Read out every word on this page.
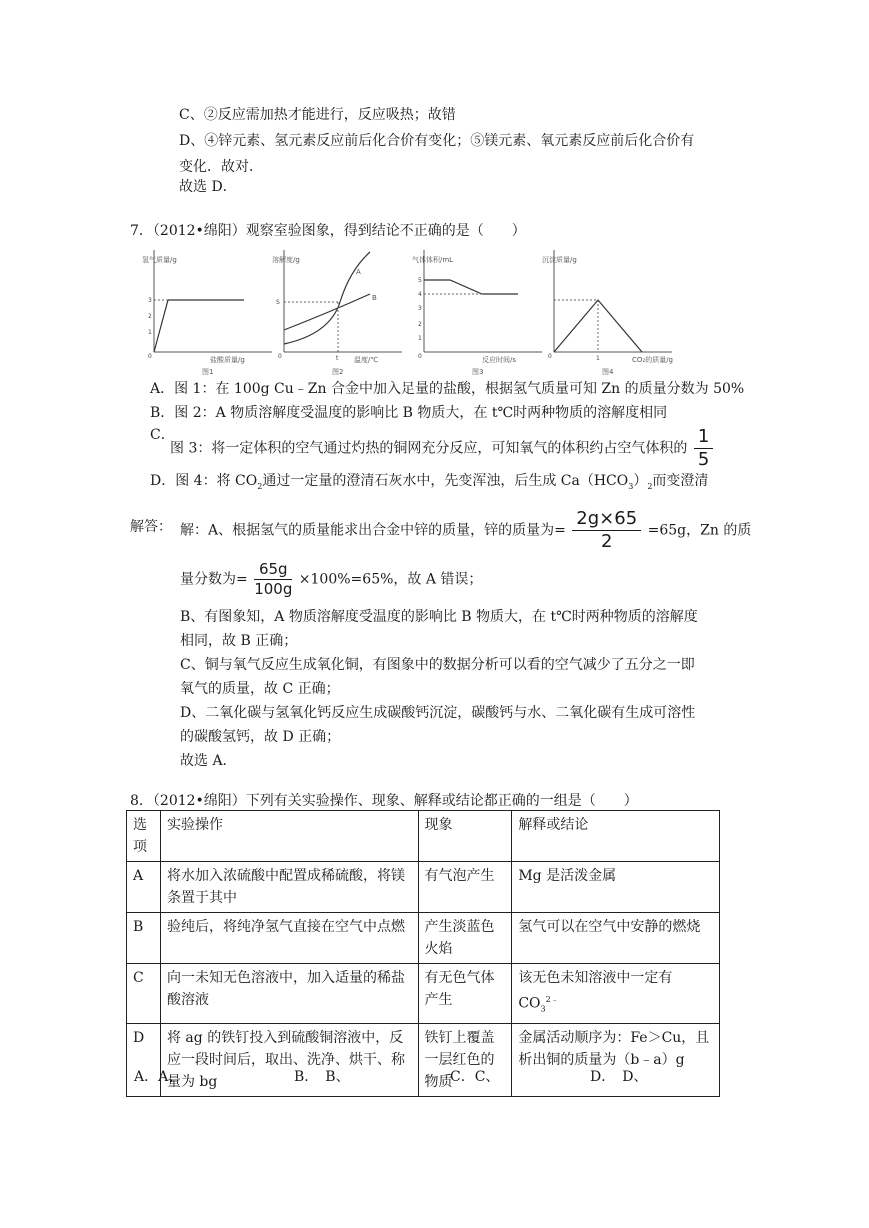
C、②反应需加热才能进行，反应吸热；故错
D、④锌元素、氢元素反应前后化合价有变化；⑤镁元素、氧元素反应前后化合价有
变化．故对．
故选 D．
7．（2012•绵阳）观察室验图象，得到结论不正确的是（　　）
氢气质量/g
盐酸质量/g
0
1
2
3
图1
A
B
溶解度/g
温度/℃
0	t
S
图2
气体体积/mL
反应时间/s
0
1
2
3
4
5
图3
沉淀质量/g
CO₂的质量/g
0	1
图4
A．图 1：在 100g Cu﹣Zn 合金中加入足量的盐酸，根据氢气质量可知 Zn 的质量分数为 50%
B．图 2：A 物质溶解度受温度的影响比 B 物质大，在 t℃时两种物质的溶解度相同
C．
图 3：将一定体积的空气通过灼热的铜网充分反应，可知氧气的体积约占空气体积的 $\frac{1}{5}$
D．图 4：将 $CO_2$通过一定量的澄清石灰水中，先变浑浊，后生成 $Ca(HCO_3)_2$而变澄清
解答： 解：A、根据氢气的质量能求出合金中锌的质量，锌的质量为= $\frac{2g\times 65}{2} =65g$，Zn 的质
量分数为= $\frac{65g}{100g} \times 100\%=65\%$，故 A 错误；
B、有图象知，A 物质溶解度受温度的影响比 B 物质大，在 t℃时两种物质的溶解度
相同，故 B 正确；
C、铜与氧气反应生成氧化铜，有图象中的数据分析可以看的空气减少了五分之一即
氧气的质量，故 C 正确；
D、二氧化碳与氢氧化钙反应生成碳酸钙沉淀，碳酸钙与水、二氧化碳有生成可溶性
的碳酸氢钙，故 D 正确；
故选 A．
8．（2012•绵阳）下列有关实验操作、现象、解释或结论都正确的一组是（　　）
选项	实验操作	现象	解释或结论
A	将水加入浓硫酸中配置成稀硫酸，将镁条置于其中	有气泡产生	Mg 是活泼金属
B	验纯后，将纯净氢气直接在空气中点燃	产生淡蓝色火焰	氢气可以在空气中安静的燃烧
C	向一未知无色溶液中，加入适量的稀盐酸溶液	有无色气体产生	该无色未知溶液中一定有
$CO_3^{2﹣}$
D	将 ag 的铁钉投入到硫酸铜溶液中，反应一段时间后，取出、洗净、烘干、称量为 bg	铁钉上覆盖一层红色的物质	金属活动顺序为：Fe＞Cu，且析出铜的质量为（b﹣a）g
A．A、	B．　B、	C．C、	D．　D、
